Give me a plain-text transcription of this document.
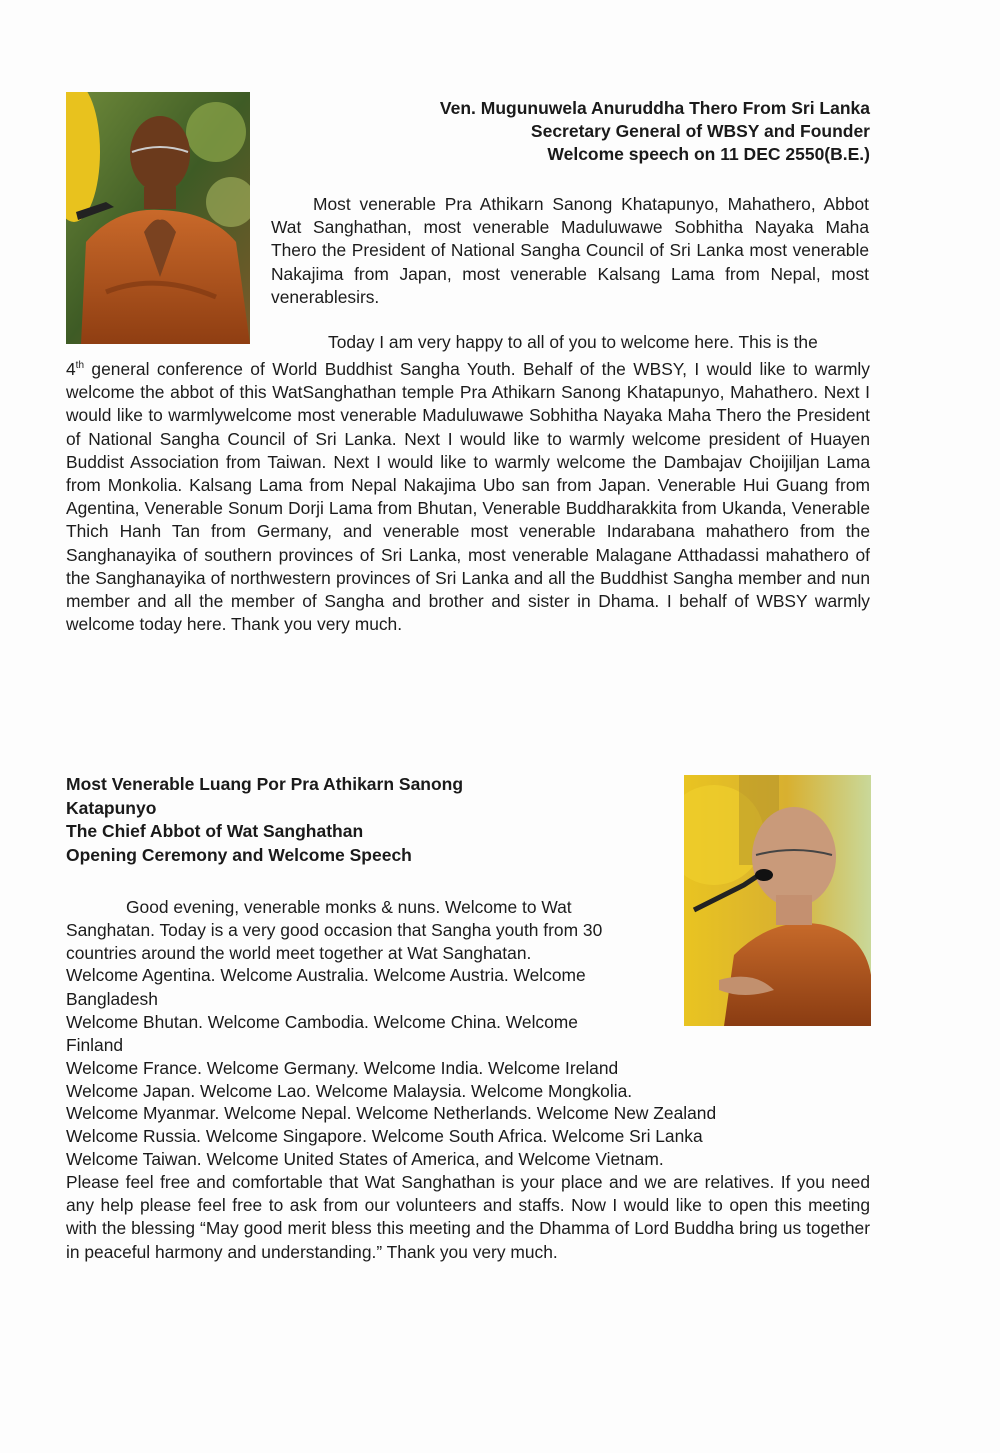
Ven. Mugunuwela Anuruddha Thero From Sri Lanka
Secretary General of WBSY and Founder
Welcome speech on 11 DEC 2550(B.E.)
Most venerable Pra Athikarn Sanong Khatapunyo, Mahathero, Abbot Wat Sanghathan, most venerable Maduluwawe Sobhitha Nayaka Maha Thero the President of National Sangha Council of Sri Lanka most venerable Nakajima from Japan, most venerable Kalsang Lama from Nepal, most venerablesirs.
Today I am very happy to all of you to welcome here. This is the
4th general conference of World Buddhist Sangha Youth. Behalf of the WBSY, I would like to warmly welcome the abbot of this WatSanghathan temple Pra Athikarn Sanong Khatapunyo, Mahathero. Next I would like to warmlywelcome most venerable Maduluwawe Sobhitha Nayaka Maha Thero the President of National Sangha Council of Sri Lanka. Next I would like to warmly welcome president of Huayen Buddist Association from Taiwan. Next I would like to warmly welcome the Dambajav Choijiljan Lama from Monkolia. Kalsang Lama from Nepal Nakajima Ubo san from Japan. Venerable Hui Guang from Agentina, Venerable Sonum Dorji Lama from Bhutan, Venerable Buddharakkita from Ukanda, Venerable Thich Hanh Tan from Germany, and venerable most venerable Indarabana mahathero from the Sanghanayika of southern provinces of Sri Lanka, most venerable Malagane Atthadassi mahathero of the Sanghanayika of northwestern provinces of Sri Lanka and all the Buddhist Sangha member and nun member and all the member of Sangha and brother and sister in Dhama. I behalf of WBSY warmly welcome today here. Thank you very much.
Most Venerable Luang Por Pra Athikarn Sanong
Katapunyo
The Chief Abbot of Wat Sanghathan
Opening Ceremony and Welcome Speech
Good evening, venerable monks & nuns. Welcome to Wat Sanghatan. Today is a very good occasion that Sangha youth from 30 countries around the world meet together at Wat Sanghatan.
Welcome Agentina. Welcome Australia. Welcome Austria. Welcome
Bangladesh
Welcome Bhutan. Welcome Cambodia. Welcome China. Welcome
Finland
Welcome France. Welcome Germany. Welcome India. Welcome Ireland
Welcome Japan. Welcome Lao. Welcome Malaysia. Welcome Mongkolia.
Welcome Myanmar. Welcome Nepal. Welcome Netherlands. Welcome New Zealand
Welcome Russia. Welcome Singapore. Welcome South Africa. Welcome Sri Lanka
Welcome Taiwan. Welcome United States of America, and Welcome Vietnam.
Please feel free and comfortable that Wat Sanghathan is your place and we are relatives. If you need any help please feel free to ask from our volunteers and staffs. Now I would like to open this meeting with the blessing “May good merit bless this meeting and the Dhamma of Lord Buddha bring us together in peaceful harmony and understanding.” Thank you very much.
